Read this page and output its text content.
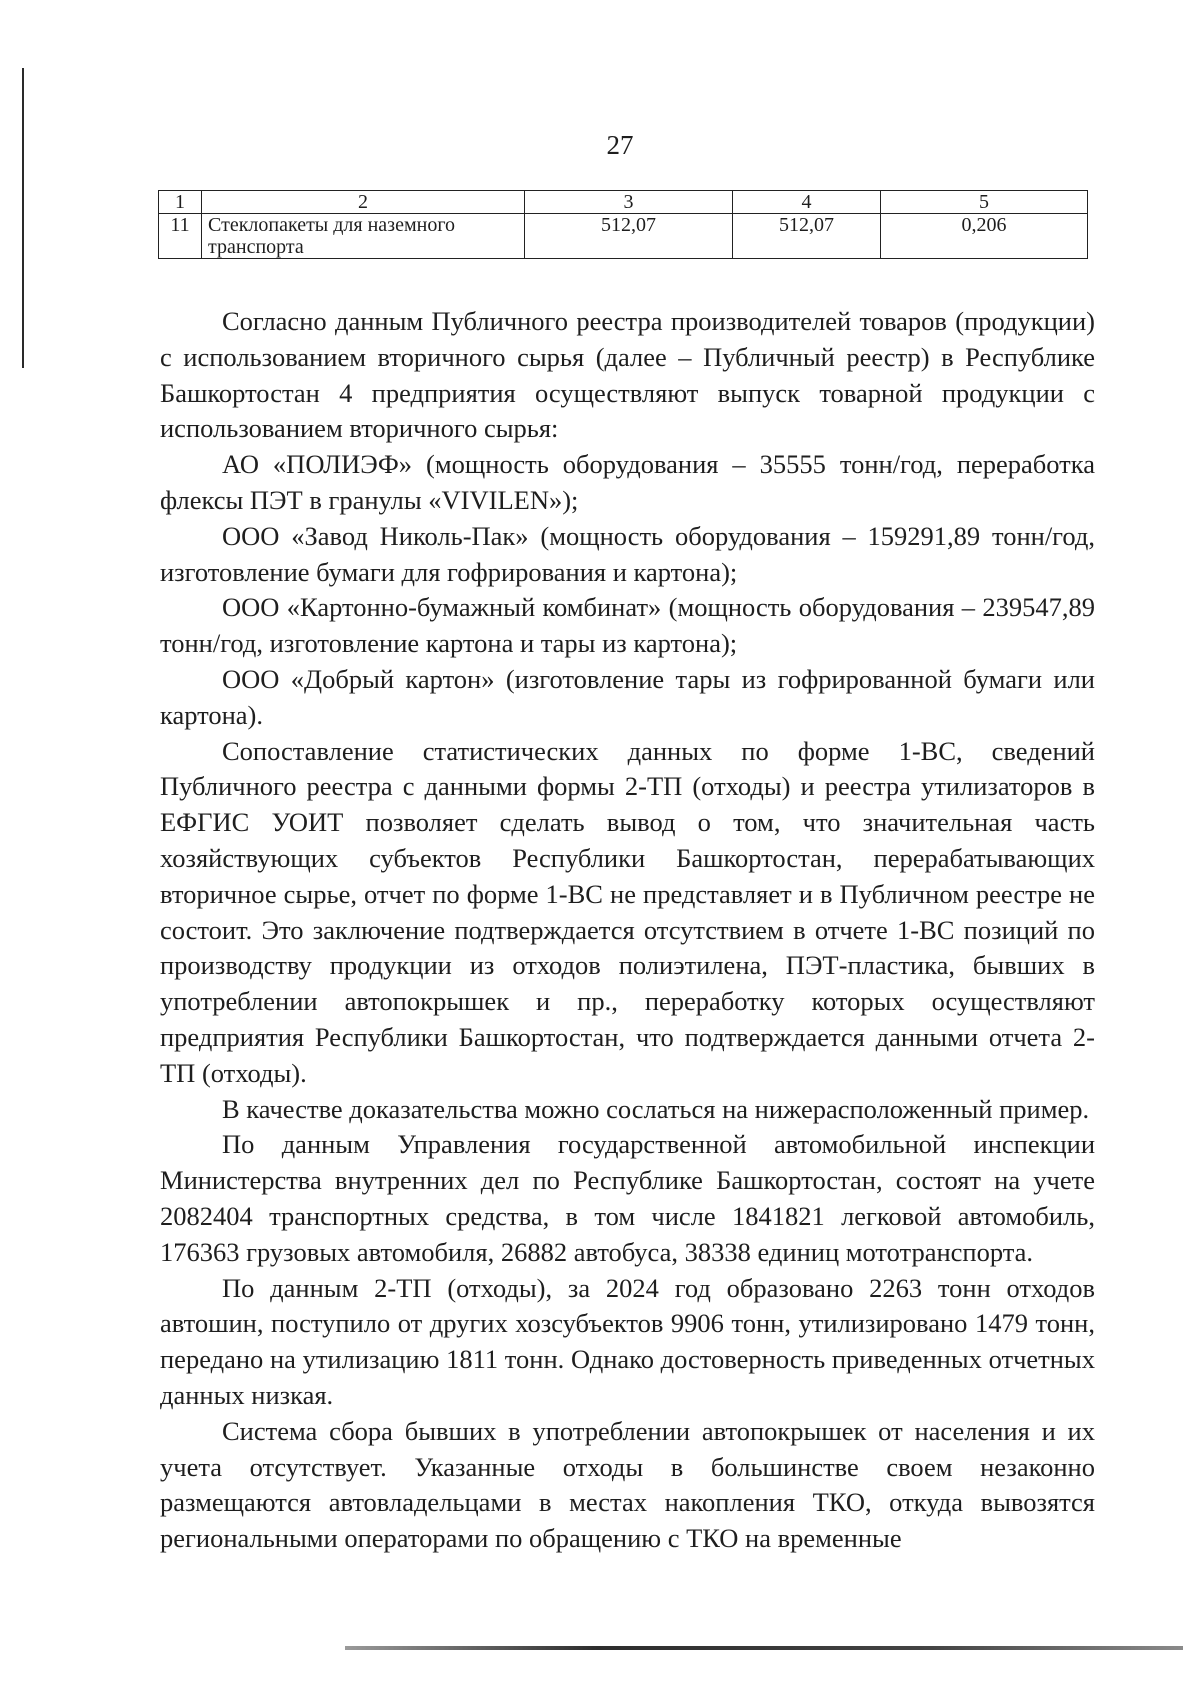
27
1	2	3	4	5
11	Стеклопакеты для наземного транспорта	512,07	512,07	0,206

Согласно данным Публичного реестра производителей товаров (продукции) с использованием вторичного сырья (далее – Публичный реестр) в Республике Башкортостан 4 предприятия осуществляют выпуск товарной продукции с использованием вторичного сырья:

АО «ПОЛИЭФ» (мощность оборудования – 35555 тонн/год, переработка флексы ПЭТ в гранулы «VIVILEN»);

ООО «Завод Николь-Пак» (мощность оборудования – 159291,89 тонн/год, изготовление бумаги для гофрирования и картона);

ООО «Картонно-бумажный комбинат» (мощность оборудования – 239547,89 тонн/год, изготовление картона и тары из картона);

ООО «Добрый картон» (изготовление тары из гофрированной бумаги или картона).

Сопоставление статистических данных по форме 1-ВС, сведений Публичного реестра с данными формы 2-ТП (отходы) и реестра утилизаторов в ЕФГИС УОИТ позволяет сделать вывод о том, что значительная часть хозяйствующих субъектов Республики Башкортостан, перерабатывающих вторичное сырье, отчет по форме 1-ВС не представляет и в Публичном реестре не состоит. Это заключение подтверждается отсутствием в отчете 1-ВС позиций по производству продукции из отходов полиэтилена, ПЭТ-пластика, бывших в употреблении автопокрышек и пр., переработку которых осуществляют предприятия Республики Башкортостан, что подтверждается данными отчета 2-ТП (отходы).

В качестве доказательства можно сослаться на нижерасположенный пример.

По данным Управления государственной автомобильной инспекции Министерства внутренних дел по Республике Башкортостан, состоят на учете 2082404 транспортных средства, в том числе 1841821 легковой автомобиль, 176363 грузовых автомобиля, 26882 автобуса, 38338 единиц мототранспорта.

По данным 2-ТП (отходы), за 2024 год образовано 2263 тонн отходов автошин, поступило от других хозсубъектов 9906 тонн, утилизировано 1479 тонн, передано на утилизацию 1811 тонн. Однако достоверность приведенных отчетных данных низкая.

Система сбора бывших в употреблении автопокрышек от населения и их учета отсутствует. Указанные отходы в большинстве своем незаконно размещаются автовладельцами в местах накопления ТКО, откуда вывозятся региональными операторами по обращению с ТКО на временные
